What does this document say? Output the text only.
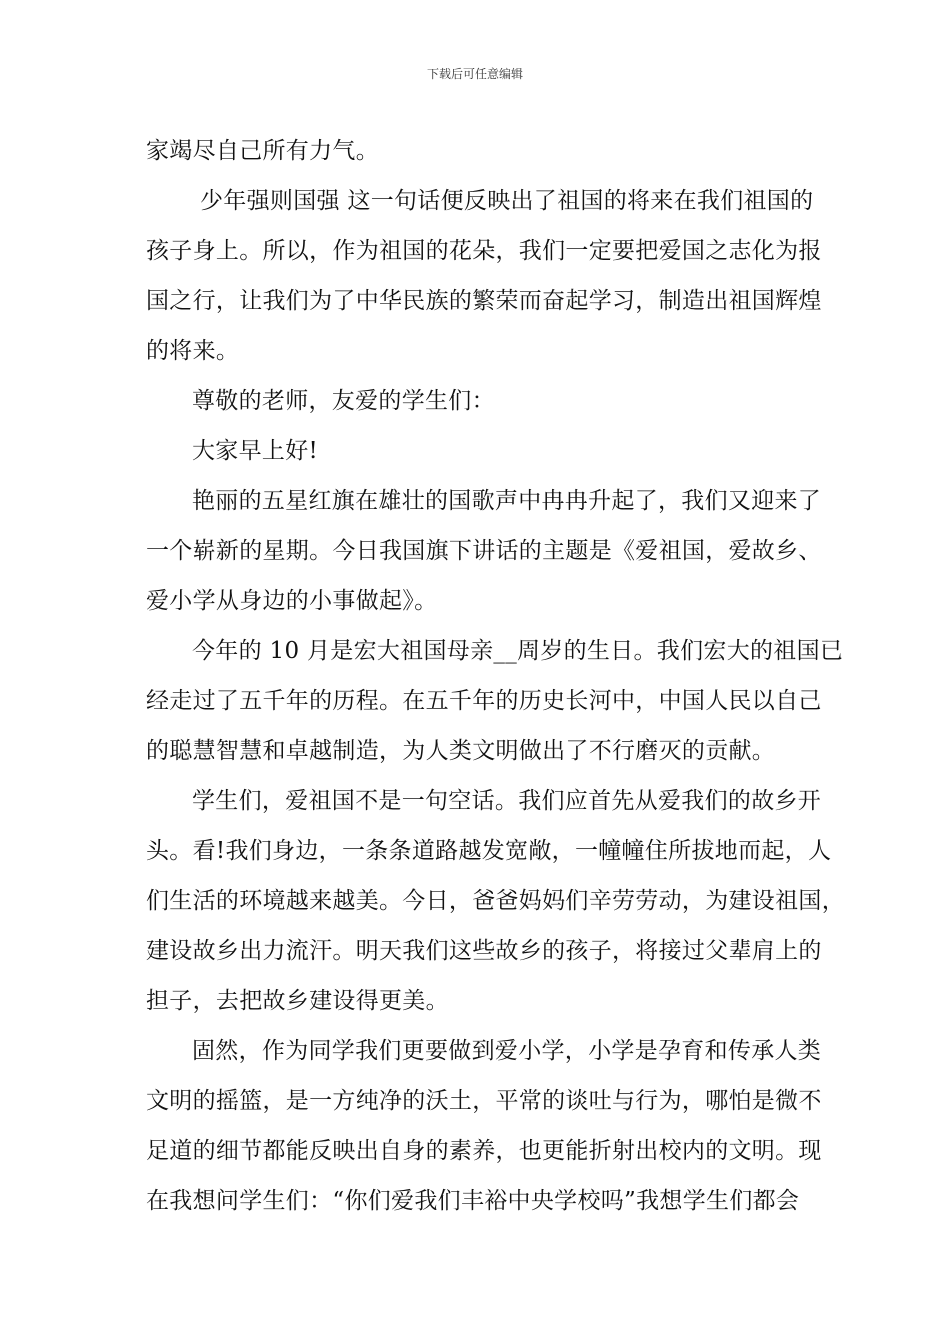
下载后可任意编辑

家竭尽自己所有力气。

少年强则国强 这一句话便反映出了祖国的将来在我们祖国的
孩子身上。所以，作为祖国的花朵，我们一定要把爱国之志化为报
国之行，让我们为了中华民族的繁荣而奋起学习，制造出祖国辉煌
的将来。

尊敬的老师，友爱的学生们：

大家早上好!

艳丽的五星红旗在雄壮的国歌声中冉冉升起了，我们又迎来了
一个崭新的星期。今日我国旗下讲话的主题是《爱祖国，爱故乡、
爱小学从身边的小事做起》。

今年的 10 月是宏大祖国母亲__周岁的生日。我们宏大的祖国已
经走过了五千年的历程。在五千年的历史长河中，中国人民以自己
的聪慧智慧和卓越制造，为人类文明做出了不行磨灭的贡献。

学生们，爱祖国不是一句空话。我们应首先从爱我们的故乡开
头。看!我们身边，一条条道路越发宽敞，一幢幢住所拔地而起，人
们生活的环境越来越美。今日，爸爸妈妈们辛劳劳动，为建设祖国，
建设故乡出力流汗。明天我们这些故乡的孩子，将接过父辈肩上的
担子，去把故乡建设得更美。

固然，作为同学我们更要做到爱小学，小学是孕育和传承人类
文明的摇篮，是一方纯净的沃土，平常的谈吐与行为，哪怕是微不
足道的细节都能反映出自身的素养，也更能折射出校内的文明。现
在我想问学生们：“你们爱我们丰裕中央学校吗”我想学生们都会
